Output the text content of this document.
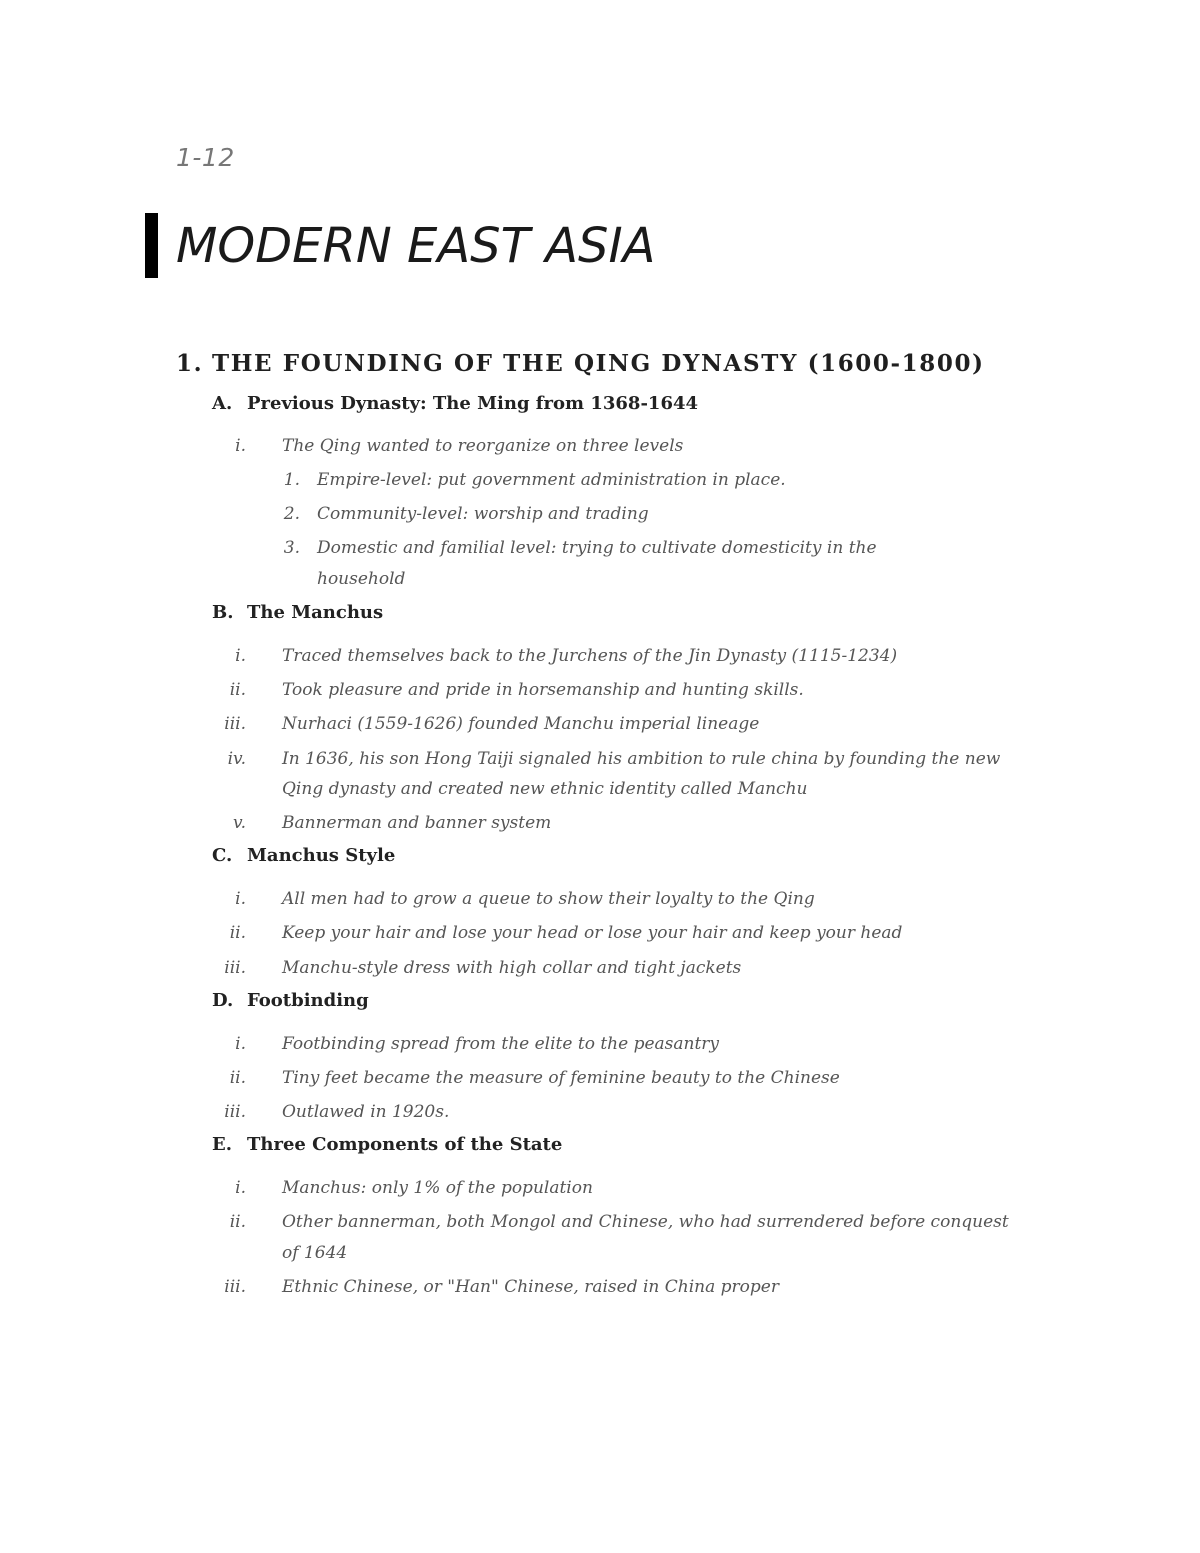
1-12
MODERN EAST ASIA
1. THE FOUNDING OF THE QING DYNASTY (1600-1800)
A. Previous Dynasty: The Ming from 1368-1644
i. The Qing wanted to reorganize on three levels
1. Empire-level: put government administration in place.
2. Community-level: worship and trading
3. Domestic and familial level: trying to cultivate domesticity in the
household
B. The Manchus
i. Traced themselves back to the Jurchens of the Jin Dynasty (1115-1234)
ii. Took pleasure and pride in horsemanship and hunting skills.
iii. Nurhaci (1559-1626) founded Manchu imperial lineage
iv. In 1636, his son Hong Taiji signaled his ambition to rule china by founding the new
Qing dynasty and created new ethnic identity called Manchu
v. Bannerman and banner system
C. Manchus Style
i. All men had to grow a queue to show their loyalty to the Qing
ii. Keep your hair and lose your head or lose your hair and keep your head
iii. Manchu-style dress with high collar and tight jackets
D. Footbinding
i. Footbinding spread from the elite to the peasantry
ii. Tiny feet became the measure of feminine beauty to the Chinese
iii. Outlawed in 1920s.
E. Three Components of the State
i. Manchus: only 1% of the population
ii. Other bannerman, both Mongol and Chinese, who had surrendered before conquest
of 1644
iii. Ethnic Chinese, or "Han" Chinese, raised in China proper
